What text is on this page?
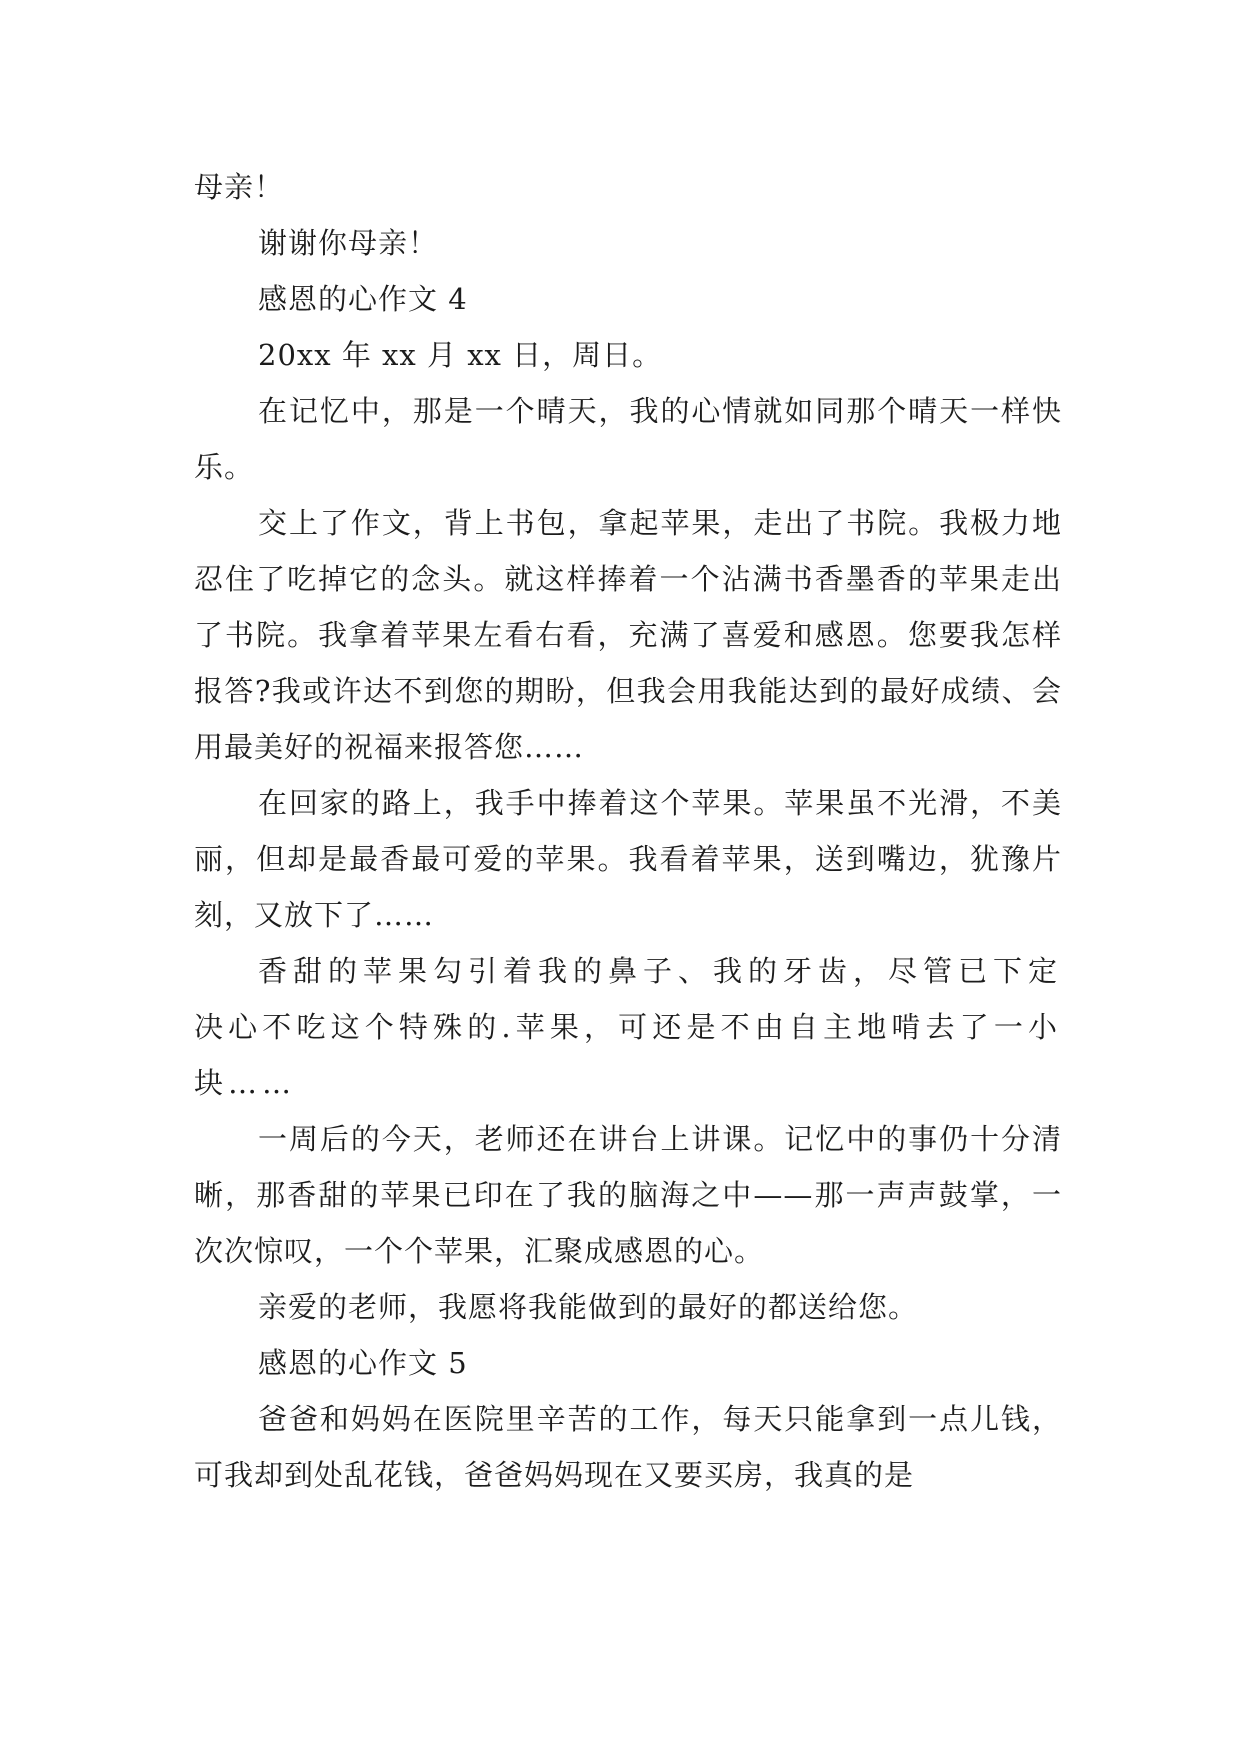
母亲！

谢谢你母亲！

感恩的心作文 4

20xx 年 xx 月 xx 日，周日。

在记忆中，那是一个晴天，我的心情就如同那个晴天一样快乐。

交上了作文，背上书包，拿起苹果，走出了书院。我极力地忍住了吃掉它的念头。就这样捧着一个沾满书香墨香的苹果走出了书院。我拿着苹果左看右看，充满了喜爱和感恩。您要我怎样报答?我或许达不到您的期盼，但我会用我能达到的最好成绩、会用最美好的祝福来报答您……

在回家的路上，我手中捧着这个苹果。苹果虽不光滑，不美丽，但却是最香最可爱的苹果。我看着苹果，送到嘴边，犹豫片刻，又放下了……

香甜的苹果勾引着我的鼻子、我的牙齿，尽管已下定决心不吃这个特殊的.苹果，可还是不由自主地啃去了一小块……

一周后的今天，老师还在讲台上讲课。记忆中的事仍十分清晰，那香甜的苹果已印在了我的脑海之中——那一声声鼓掌，一次次惊叹，一个个苹果，汇聚成感恩的心。

亲爱的老师，我愿将我能做到的最好的都送给您。

感恩的心作文 5

爸爸和妈妈在医院里辛苦的工作，每天只能拿到一点儿钱，可我却到处乱花钱，爸爸妈妈现在又要买房，我真的是
